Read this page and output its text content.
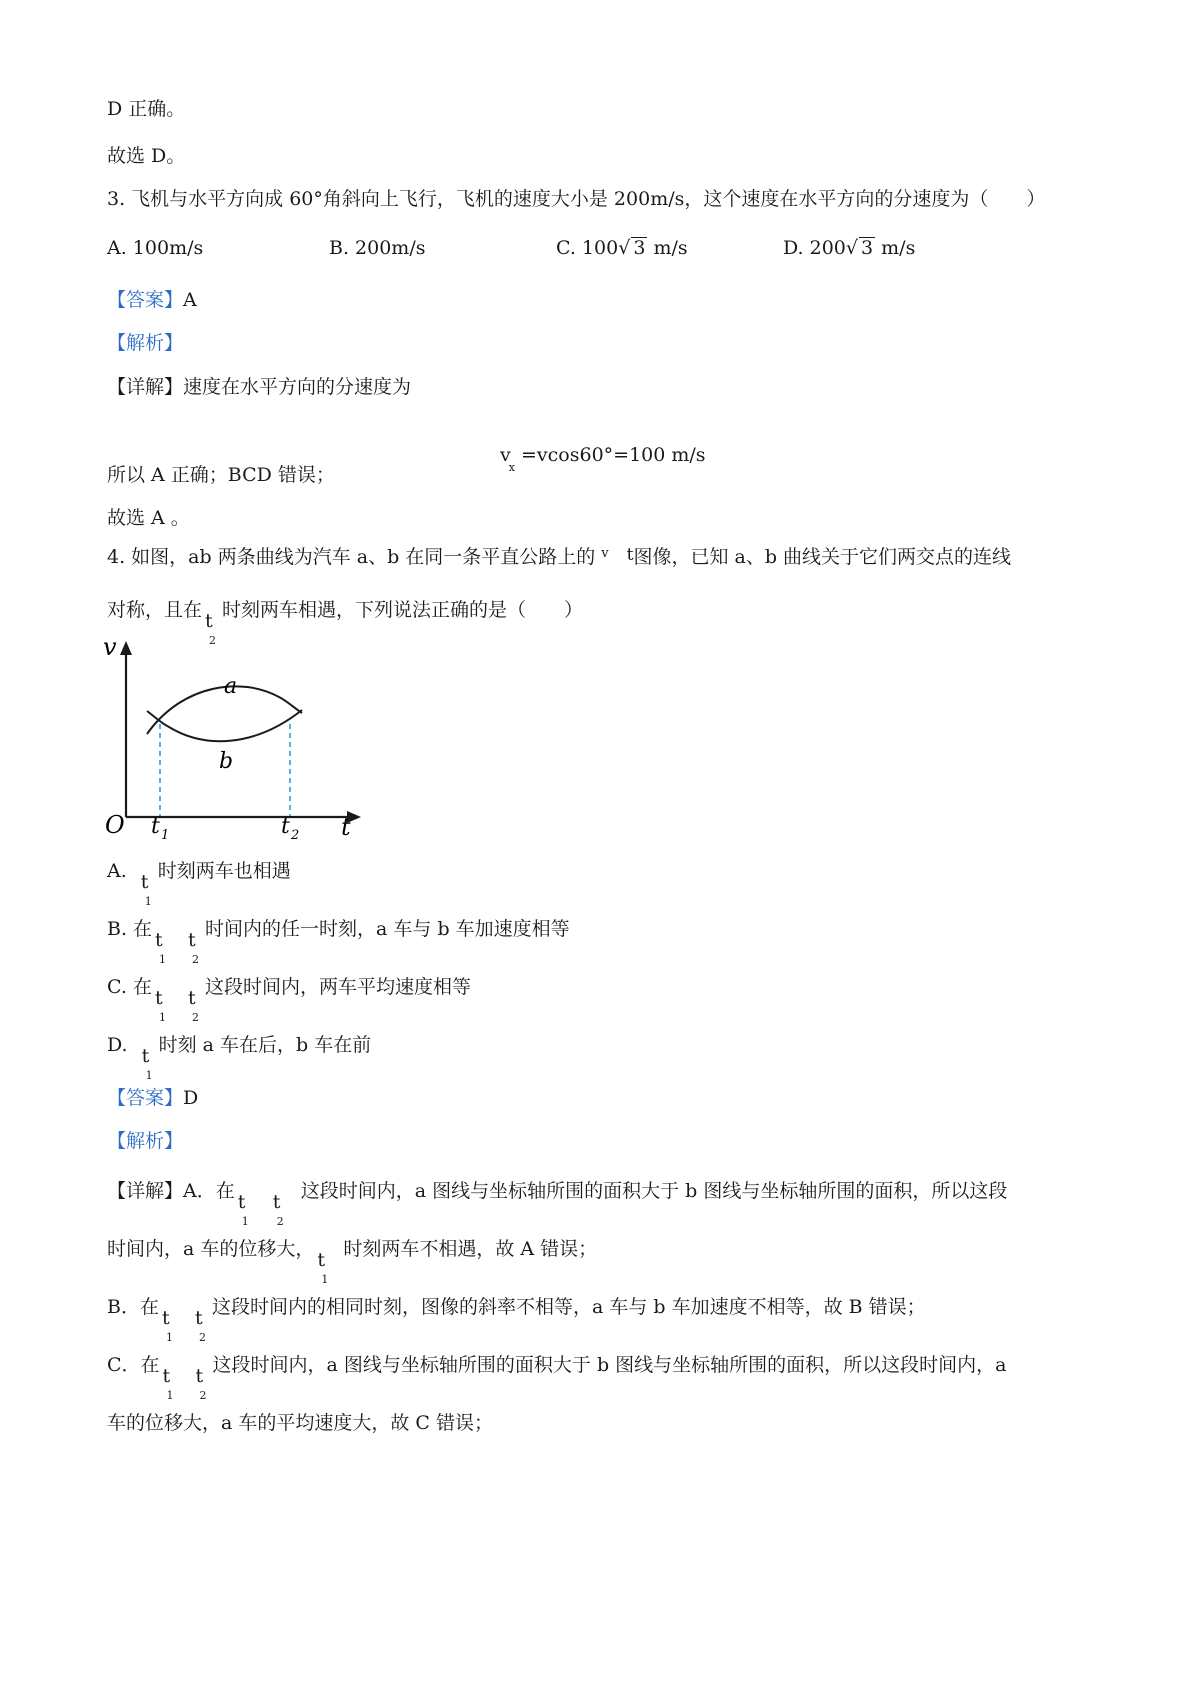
D 正确。
故选 D。
3. 飞机与水平方向成 60°角斜向上飞行，飞机的速度大小是 200m/s，这个速度在水平方向的分速度为（　　）
A. 100m/s	B. 200m/s	C. 100√ 3 m/s	D. 200√ 3 m/s
【答案】A
【解析】
【详解】速度在水平方向的分速度为
$v_x =vcos60^\circ=100$ m/s
所以 A 正确；BCD 错误；
故选 A 。
4. 如图，ab 两条曲线为汽车 a、b 在同一条平直公路上的 $^v$ t图像，已知 a、b 曲线关于它们两交点的连线
对称，且在 t
2
时刻两车相遇，下列说法正确的是（　　）
v
t
O
a
b
t 1	t 2
A. t
1
时刻两车也相遇
B. 在 t
1
t
2
时间内的任一时刻，a 车与 b 车加速度相等
C. 在 t
1
t
2
这段时间内，两车平均速度相等
D. t
1
时刻 a 车在后，b 车在前
【答案】D
【解析】
【详解】A．在 t
1
t
2
这段时间内，a 图线与坐标轴所围的面积大于 b 图线与坐标轴所围的面积，所以这段
时间内，a 车的位移大， t
1
时刻两车不相遇，故 A 错误；
B．在 t
1
t
2
这段时间内的相同时刻，图像的斜率不相等，a 车与 b 车加速度不相等，故 B 错误；
C．在 t
1
t
2
这段时间内，a 图线与坐标轴所围的面积大于 b 图线与坐标轴所围的面积，所以这段时间内，a
车的位移大，a 车的平均速度大，故 C 错误；
